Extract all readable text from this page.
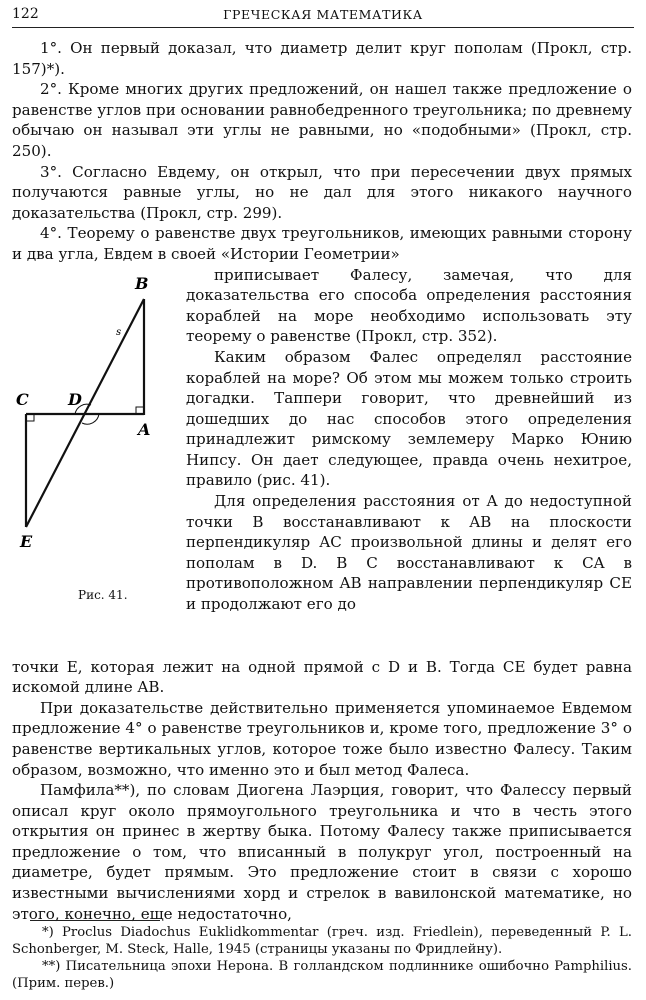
122	ГРЕЧЕСКАЯ МАТЕМАТИКА

1°. Он первый доказал, что диаметр делит круг пополам (Прокл, стр. 157)*).

2°. Кроме многих других предложений, он нашел также предложение о равенстве углов при основании равнобедренного треугольника; по древнему обычаю он называл эти углы не равными, но «подобными» (Прокл, стр. 250).

3°. Согласно Евдему, он открыл, что при пересечении двух прямых получаются равные углы, но не дал для этого никакого научного доказательства (Прокл, стр. 299).

4°. Теорему о равенстве двух треугольников, имеющих равными сторону и два угла, Евдем в своей «Истории Геометрии»

B
C D
A
E
s
Рис. 41.

приписывает Фалесу, замечая, что для доказательства его способа определения расстояния кораблей на море необходимо использовать эту теорему о равенстве (Прокл, стр. 352).

Каким образом Фалес определял расстояние кораблей на море? Об этом мы можем только строить догадки. Таппери говорит, что древнейший из дошедших до нас способов этого определения принадлежит римскому землемеру Марко Юнию Нипсу. Он дает следующее, правда очень нехитрое, правило (рис. 41).

Для определения расстояния от A до недоступной точки B восстанавливают к AB на плоскости перпендикуляр AC произвольной длины и делят его пополам в D. В C восстанавливают к CA в противоположном AB направлении перпендикуляр CE и продолжают его до

точки E, которая лежит на одной прямой с D и B. Тогда CE будет равна искомой длине AB.

При доказательстве действительно применяется упоминаемое Евдемом предложение 4° о равенстве треугольников и, кроме того, предложение 3° о равенстве вертикальных углов, которое тоже было известно Фалесу. Таким образом, возможно, что именно это и был метод Фалеса.

Памфила**), по словам Диогена Лаэрция, говорит, что Фалессу первый описал круг около прямоугольного треугольника и что в честь этого открытия он принес в жертву быка. Потому Фалесу также приписывается предложение о том, что вписанный в полукруг угол, построенный на диаметре, будет прямым. Это предложение стоит в связи с хорошо известными вычислениями хорд и стрелок в вавилонской математике, но этого, конечно, еще недостаточно,

*) Proclus Diadochus Euklidkommentar (греч. изд. Friedlein), переведенный P. L. Schonberger, M. Steck, Halle, 1945 (страницы указаны по Фридлейну).

**) Писательница эпохи Нерона. В голландском подлиннике ошибочно Pamphilius. (Прим. перев.)
